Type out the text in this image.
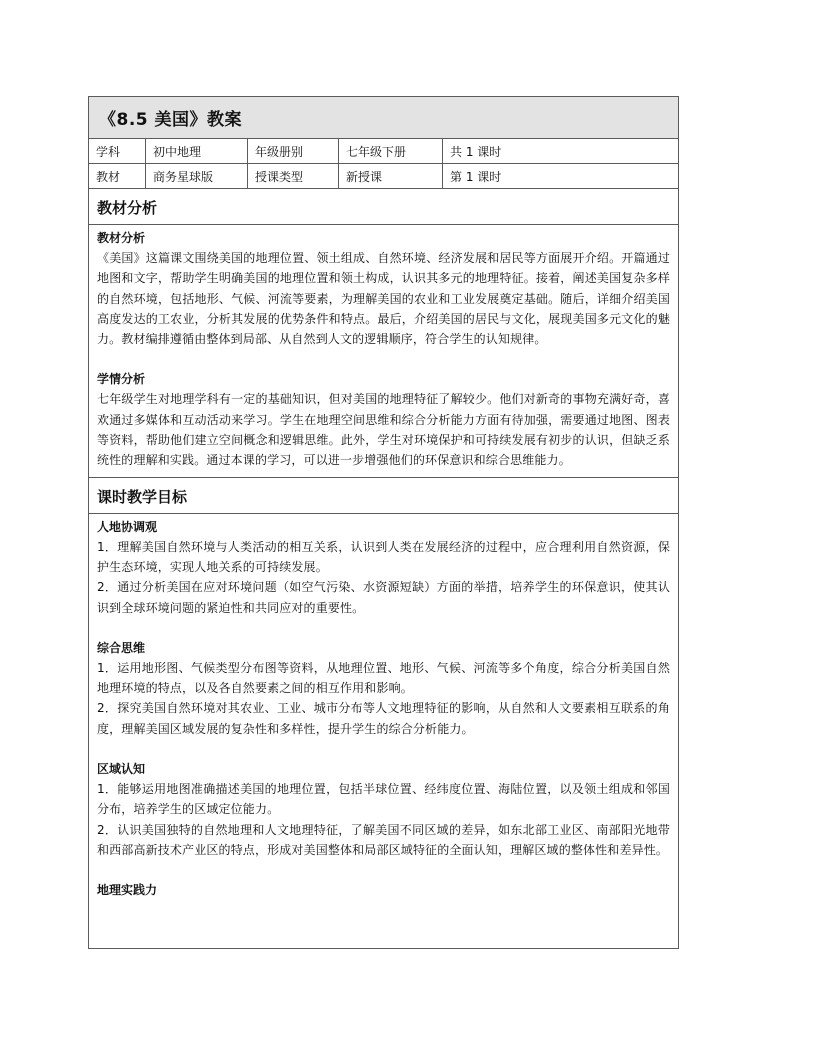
《8.5 美国》教案
学科	初中地理	年级册别	七年级下册	共 1 课时
教材	商务星球版	授课类型	新授课	第 1 课时
教材分析
教材分析

《美国》这篇课文围绕美国的地理位置、领土组成、自然环境、经济发展和居民等方面展开介绍。开篇通过地图和文字，帮助学生明确美国的地理位置和领土构成，认识其多元的地理特征。接着，阐述美国复杂多样的自然环境，包括地形、气候、河流等要素，为理解美国的农业和工业发展奠定基础。随后，详细介绍美国高度发达的工农业，分析其发展的优势条件和特点。最后，介绍美国的居民与文化，展现美国多元文化的魅力。教材编排遵循由整体到局部、从自然到人文的逻辑顺序，符合学生的认知规律。

学情分析

七年级学生对地理学科有一定的基础知识，但对美国的地理特征了解较少。他们对新奇的事物充满好奇，喜欢通过多媒体和互动活动来学习。学生在地理空间思维和综合分析能力方面有待加强，需要通过地图、图表等资料，帮助他们建立空间概念和逻辑思维。此外，学生对环境保护和可持续发展有初步的认识，但缺乏系统性的理解和实践。通过本课的学习，可以进一步增强他们的环保意识和综合思维能力。

课时教学目标
人地协调观

1．理解美国自然环境与人类活动的相互关系，认识到人类在发展经济的过程中，应合理利用自然资源，保护生态环境，实现人地关系的可持续发展。

2．通过分析美国在应对环境问题（如空气污染、水资源短缺）方面的举措，培养学生的环保意识，使其认识到全球环境问题的紧迫性和共同应对的重要性。

综合思维

1．运用地形图、气候类型分布图等资料，从地理位置、地形、气候、河流等多个角度，综合分析美国自然地理环境的特点，以及各自然要素之间的相互作用和影响。

2．探究美国自然环境对其农业、工业、城市分布等人文地理特征的影响，从自然和人文要素相互联系的角度，理解美国区域发展的复杂性和多样性，提升学生的综合分析能力。

区域认知

1．能够运用地图准确描述美国的地理位置，包括半球位置、经纬度位置、海陆位置，以及领土组成和邻国分布，培养学生的区域定位能力。

2．认识美国独特的自然地理和人文地理特征，了解美国不同区域的差异，如东北部工业区、南部阳光地带和西部高新技术产业区的特点，形成对美国整体和局部区域特征的全面认知，理解区域的整体性和差异性。

地理实践力
